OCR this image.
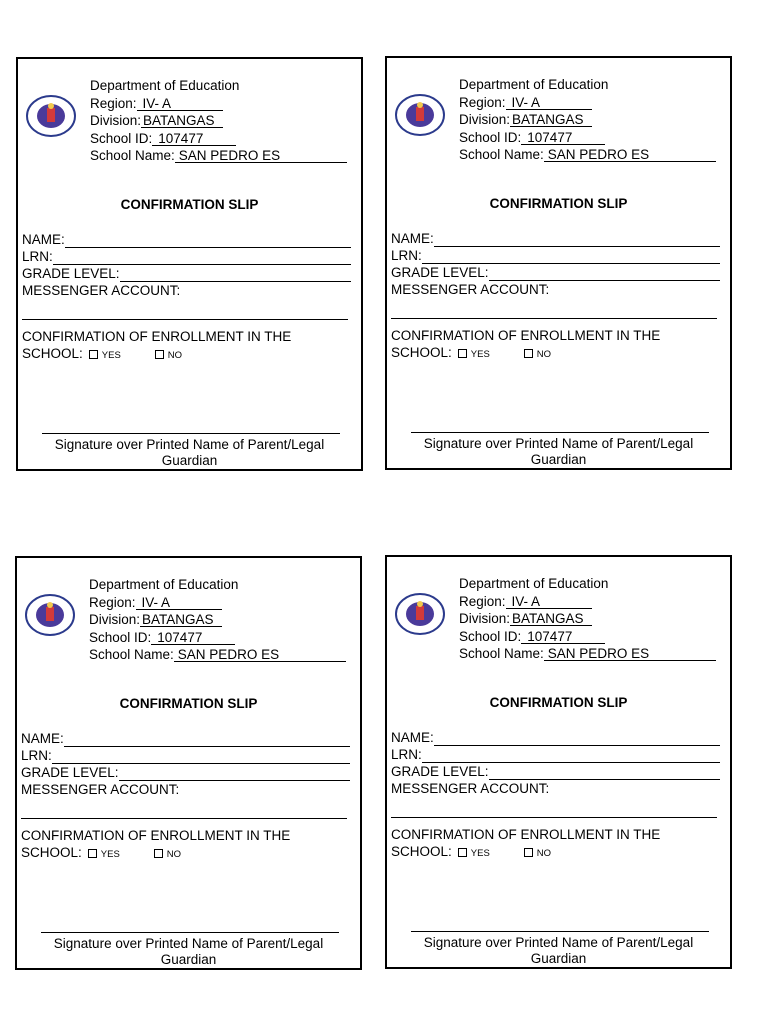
Department of Education
Region: IV- A
Division: BATANGAS
School ID: 107477
School Name: SAN PEDRO ES
CONFIRMATION SLIP
NAME:
LRN:
GRADE LEVEL:
MESSENGER ACCOUNT:
CONFIRMATION OF ENROLLMENT IN THE
SCHOOL: YES	NO
Signature over Printed Name of Parent/Legal Guardian
Department of Education
Region: IV- A
Division: BATANGAS
School ID: 107477
School Name: SAN PEDRO ES
CONFIRMATION SLIP
NAME:
LRN:
GRADE LEVEL:
MESSENGER ACCOUNT:
CONFIRMATION OF ENROLLMENT IN THE
SCHOOL: YES	NO
Signature over Printed Name of Parent/Legal Guardian
Department of Education
Region: IV- A
Division: BATANGAS
School ID: 107477
School Name: SAN PEDRO ES
CONFIRMATION SLIP
NAME:
LRN:
GRADE LEVEL:
MESSENGER ACCOUNT:
CONFIRMATION OF ENROLLMENT IN THE
SCHOOL: YES	NO
Signature over Printed Name of Parent/Legal Guardian
Department of Education
Region: IV- A
Division: BATANGAS
School ID: 107477
School Name: SAN PEDRO ES
CONFIRMATION SLIP
NAME:
LRN:
GRADE LEVEL:
MESSENGER ACCOUNT:
CONFIRMATION OF ENROLLMENT IN THE
SCHOOL: YES	NO
Signature over Printed Name of Parent/Legal Guardian
